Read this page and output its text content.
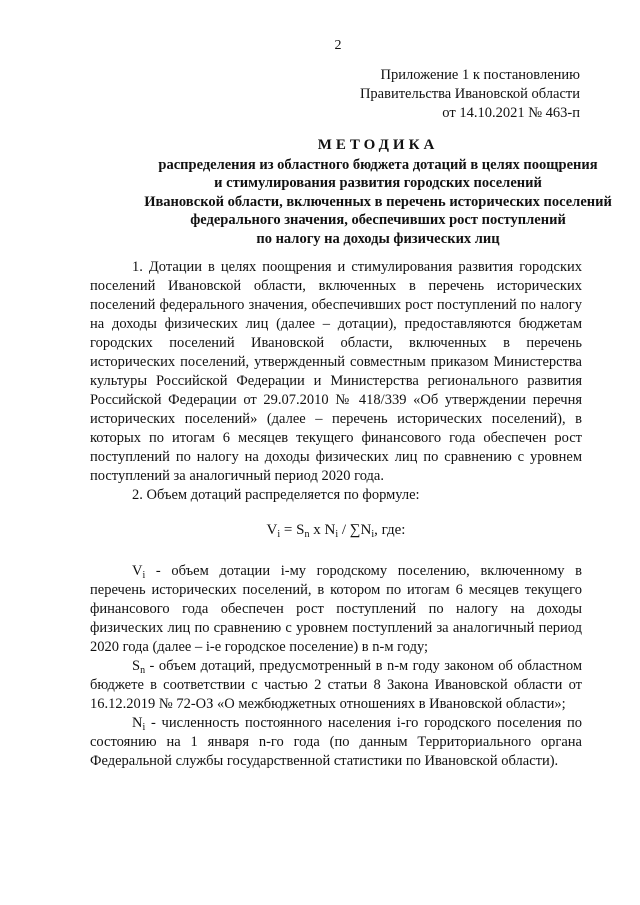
2
Приложение 1 к постановлению
Правительства Ивановской области
от 14.10.2021 № 463-п
МЕТОДИКА
распределения из областного бюджета дотаций в целях поощрения
и стимулирования развития городских поселений
Ивановской области, включенных в перечень исторических поселений
федерального значения, обеспечивших рост поступлений
по налогу на доходы физических лиц

1. Дотации в целях поощрения и стимулирования развития городских поселений Ивановской области, включенных в перечень исторических поселений федерального значения, обеспечивших рост поступлений по налогу на доходы физических лиц (далее – дотации), предоставляются бюджетам городских поселений Ивановской области, включенных в перечень исторических поселений, утвержденный совместным приказом Министерства культуры Российской Федерации и Министерства регионального развития Российской Федерации от 29.07.2010 № 418/339 «Об утверждении перечня исторических поселений» (далее – перечень исторических поселений), в которых по итогам 6 месяцев текущего финансового года обеспечен рост поступлений по налогу на доходы физических лиц по сравнению с уровнем поступлений за аналогичный период 2020 года.

2. Объем дотаций распределяется по формуле:

$V_i = S_n$ x $N_i / \sum N_i$, где:

$V_i$ - объем дотации i-му городскому поселению, включенному в перечень исторических поселений, в котором по итогам 6 месяцев текущего финансового года обеспечен рост поступлений по налогу на доходы физических лиц по сравнению с уровнем поступлений за аналогичный период 2020 года (далее – i-е городское поселение) в n-м году;

$S_n$ - объем дотаций, предусмотренный в n-м году законом об областном бюджете в соответствии с частью 2 статьи 8 Закона Ивановской области от 16.12.2019 № 72-ОЗ «О межбюджетных отношениях в Ивановской области»;

$N_i$ - численность постоянного населения i-го городского поселения по состоянию на 1 января n-го года (по данным Территориального органа Федеральной службы государственной статистики по Ивановской области).
